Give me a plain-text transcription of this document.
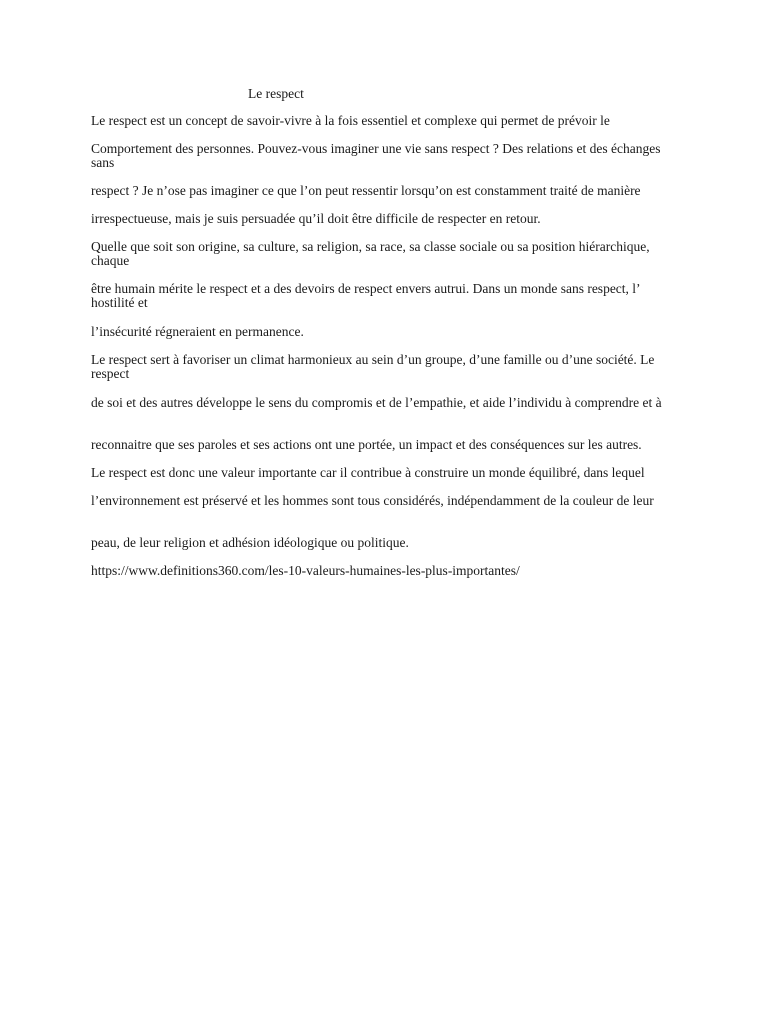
Le respect

Le respect est un concept de savoir-vivre à la fois essentiel et complexe qui permet de prévoir le

Comportement des personnes. Pouvez-vous imaginer une vie sans respect ? Des relations et des échanges sans

respect ? Je n’ose pas imaginer ce que l’on peut ressentir lorsqu’on est constamment traité de manière

irrespectueuse, mais je suis persuadée qu’il doit être difficile de respecter en retour.

Quelle que soit son origine, sa culture, sa religion, sa race, sa classe sociale ou sa position hiérarchique, chaque

être humain mérite le respect et a des devoirs de respect envers autrui. Dans un monde sans respect, l’ hostilité et

l’insécurité régneraient en permanence.

Le respect sert à favoriser un climat harmonieux au sein d’un groupe, d’une famille ou d’une société. Le respect

de soi et des autres développe le sens du compromis et de l’empathie, et aide l’individu à comprendre et à

reconnaitre que ses paroles et ses actions ont une portée, un impact et des conséquences sur les autres.

Le respect est donc une valeur importante car il contribue à construire un monde équilibré, dans lequel

l’environnement est préservé et les hommes sont tous considérés, indépendamment de la couleur de leur

peau, de leur religion et adhésion idéologique ou politique.

https://www.definitions360.com/les-10-valeurs-humaines-les-plus-importantes/
